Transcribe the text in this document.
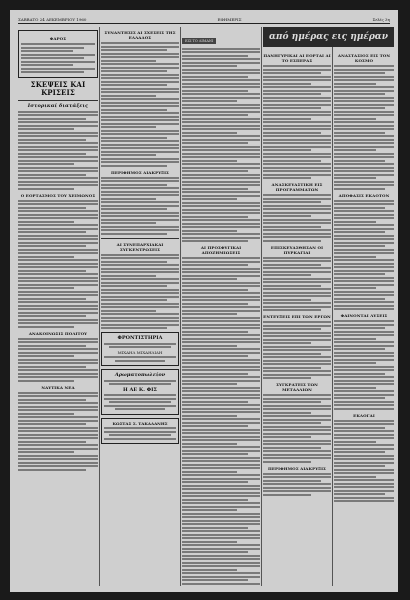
ΣΑΒΒΑΤΟ 24 ΔΕΚΕΜΒΡΙΟΥ 1960	ΕΦΗΜΕΡΙΣ	Σελίς 3η
ΦΑΡΟΣ
ΣΚΕΨΕΙΣ ΚΑΙ ΚΡΙΣΕΙΣ
Ιστορικαί διατάξεις
Ο ΕΟΡΤΑΣΜΟΣ ΤΟΥ ΧΕΙΜΩΝΟΣ
ΑΝΑΚΟΙΝΩΣΙΣ ΠΟΛΙΤΟΥ
ΝΑΥΤΙΚΑ ΝΕΑ
ΣΥΝΑΝΤΗΣΙΣ ΑΙ ΣΧΕΣΕΙΣ ΤΗΣ ΕΛΛΑΔΟΣ
ΠΕΡΙΦΗΜΟΣ ΔΙΑΚΡΥΞΙΣ
ΑΙ ΣΥΝΕΠΑΡΧΙΑΚΑΙ ΣΥΓΚΕΝΤΡΩΣΕΙΣ
ΦΡΟΝΤΙΣΤΗΡΙΑ
ΜΙΧΑΗΛ ΜΙΧΑΗΛΙΔΗ
Αρωματοπωλείον
Η ΑΕ Κ. ΦΙΣ
ΚΩΣΤΑΣ Σ. ΤΑΚΑΔΑΝΗΣ
ΕΙΣ ΤΟ ΛΙΜΑΝΙ
ΑΙ ΠΡΟΣΦΥΓΙΚΑΙ ΑΠΟΖΗΜΙΩΣΕΙΣ
από ημέρας εις ημέραν
ΠΑΝΗΓΥΡΙΚΑΙ ΑΙ ΕΟΡΤΑΙ ΔΙ ΤΟ ΕΣΠΕΡΑΣ
ΑΝΑΣΚΕΥΑΣΤΙΚΗ ΕΙΣ ΠΡΟΓΡΑΜΜΑΤΩΝ
ΕΠΙΣΚΕΥΑΣΘΗΣΑΝ ΟΙ ΠΥΡΚΑΓΙΑΙ
ΕΝΤΕΥΞΕΙΣ ΕΠΙ ΤΩΝ ΕΡΓΩΝ
ΣΥΓΚΡΑΤΕΙΣ ΤΩΝ ΜΕΤΑΛΛΙΩΝ
ΠΕΡΙΦΗΜΟΣ ΔΙΑΚΡΥΞΙΣ
ΑΝΑΣΤΑΣΙΟΣ ΕΙΣ ΤΟΝ ΚΟΣΜΟ
ΑΠΟΦΑΣΙΣ ΕΚΔΟΤΟΝ
ΦΑΙΝΟΝΤΑΙ ΛΥΣΕΙΣ
ΕΚΛΟΓΑΙ
